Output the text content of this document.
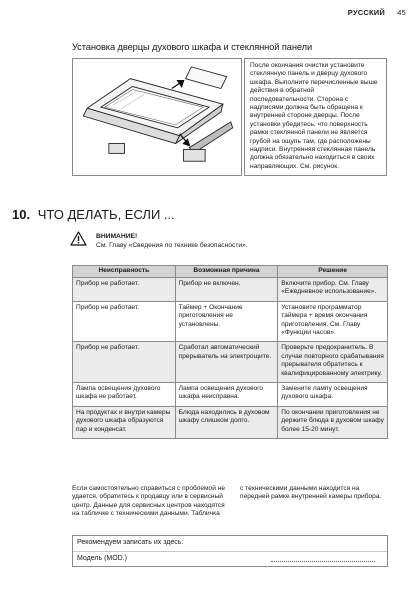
РУССКИЙ 45
Установка дверцы духового шкафа и стеклянной панели
После окончания очистки установите стеклянную панель и дверцу духового шкафа. Выполните перечисленные выше действия в обратной последовательности. Сторона с надписями должна быть обращена к внутренней стороне дверцы. После установки убедитесь, что поверхность рамки стеклянной панели не является грубой на ощупь там, где расположены надписи. Внутренняя стеклянная панель должна обязательно находиться в своих направляющих. См. рисунок.
10. ЧТО ДЕЛАТЬ, ЕСЛИ ...
ВНИМАНИЕ!
См. Главу «Сведения по технике безопасности».
Неисправность	Возможная причина	Решение
Прибор не работает.	Прибор не включен.	Включите прибор. См. Главу «Ежедневное использование».
Прибор не работает.	Таймер + Окончание приготовления не установлены.	Установите программатор таймера + время окончания приготовления. См. Главу «Функции часов».
Прибор не работает.	Сработал автоматический прерыватель на электрощите.	Проверьте предохранитель. В случае повторного срабатывания прерывателя обратитесь к квалифицированному электрику.
Лампа освещения духового шкафа не работает.	Лампа освещения духового шкафа неисправна.	Замените лампу освещения духового шкафа.
На продуктах и внутри камеры духового шкафа образуются пар и конденсат.	Блюда находились в духовом шкафу слишком долго.	По окончании приготовления не держите блюда в духовом шкафу более 15-20 минут.
Если самостоятельно справиться с проблемой не удается, обратитесь к продавцу или в сервисный центр. Данные для сервисных центров находятся на табличке с техническими данными. Табличка
с техническими данными находится на передней рамке внутренней камеры прибора.
Рекомендуем записать их здесь:
Модель (MOD.)
